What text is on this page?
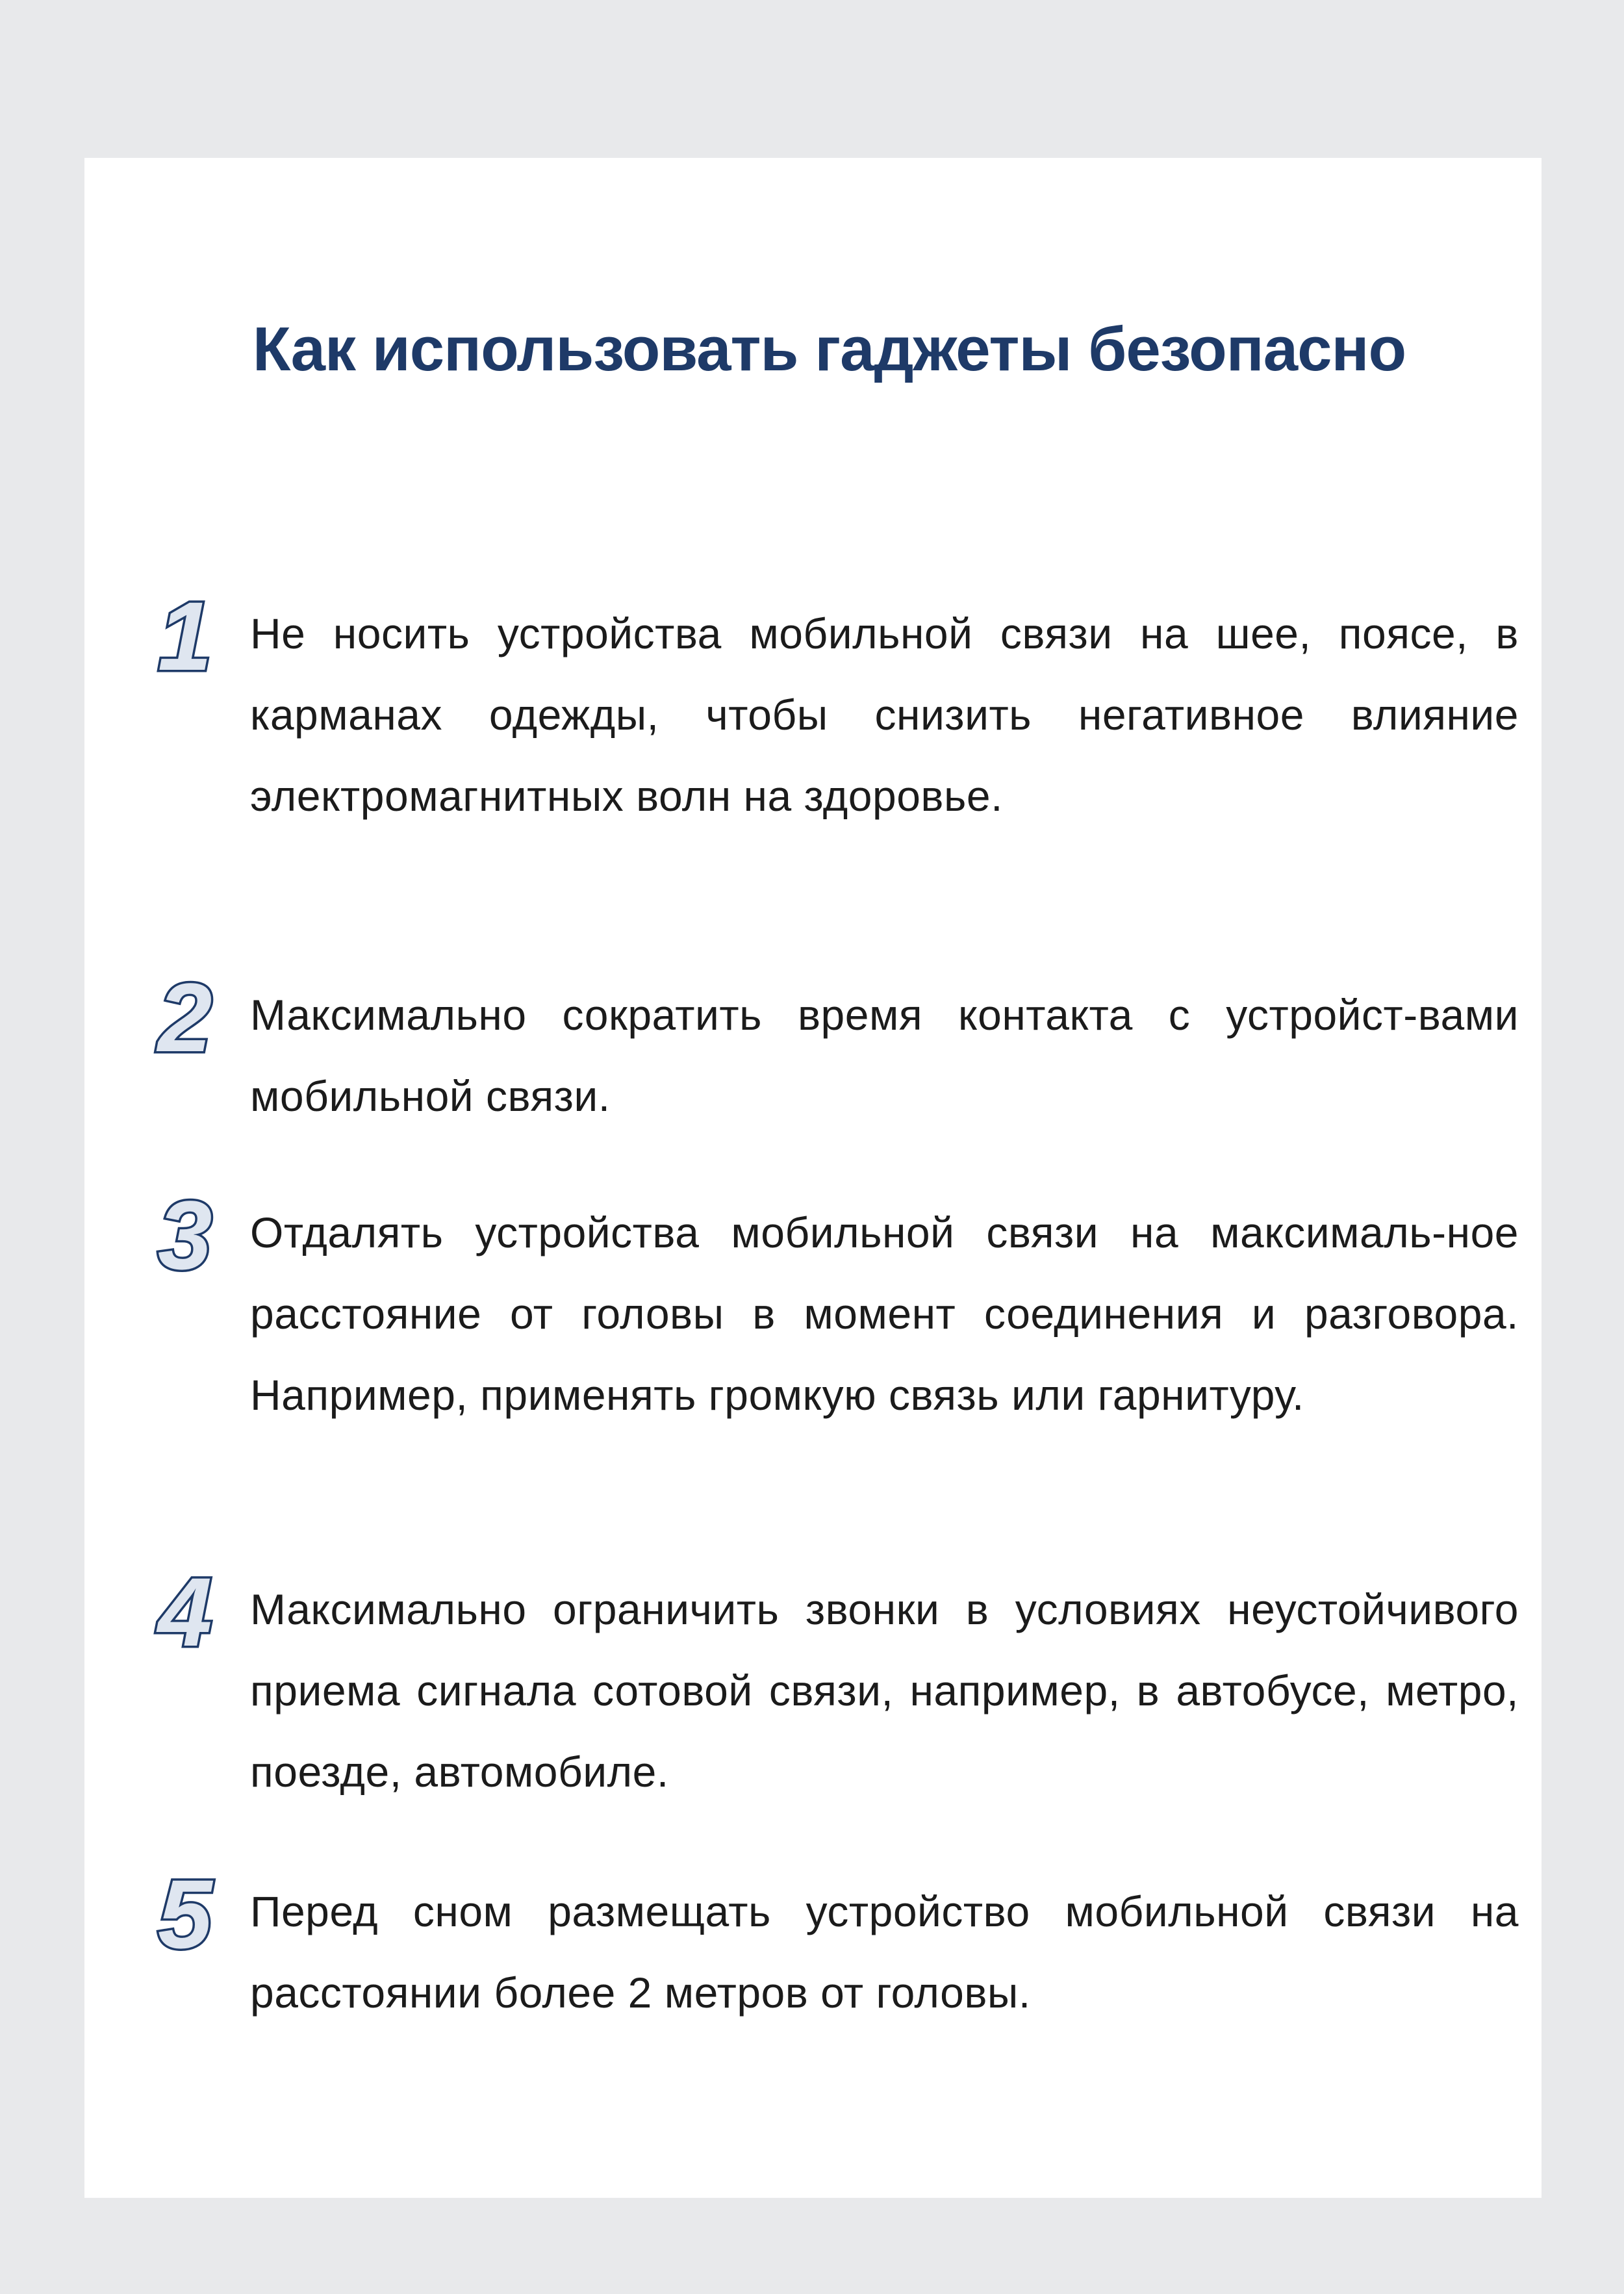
Как использовать гаджеты безопасно
1 Не носить устройства мобильной связи на шее, поясе, в карманах одежды, чтобы снизить негативное влияние электромагнитных волн на здоровье.

2 Максимально сократить время контакта с устройст-вами мобильной связи.

3 Отдалять устройства мобильной связи на максималь-ное расстояние от головы в момент соединения и разговора. Например, применять громкую связь или гарнитуру.

4 Максимально ограничить звонки в условиях неустойчивого приема сигнала сотовой связи, например, в автобусе, метро, поезде, автомобиле.

5 Перед сном размещать устройство мобильной связи на расстоянии более 2 метров от головы.
